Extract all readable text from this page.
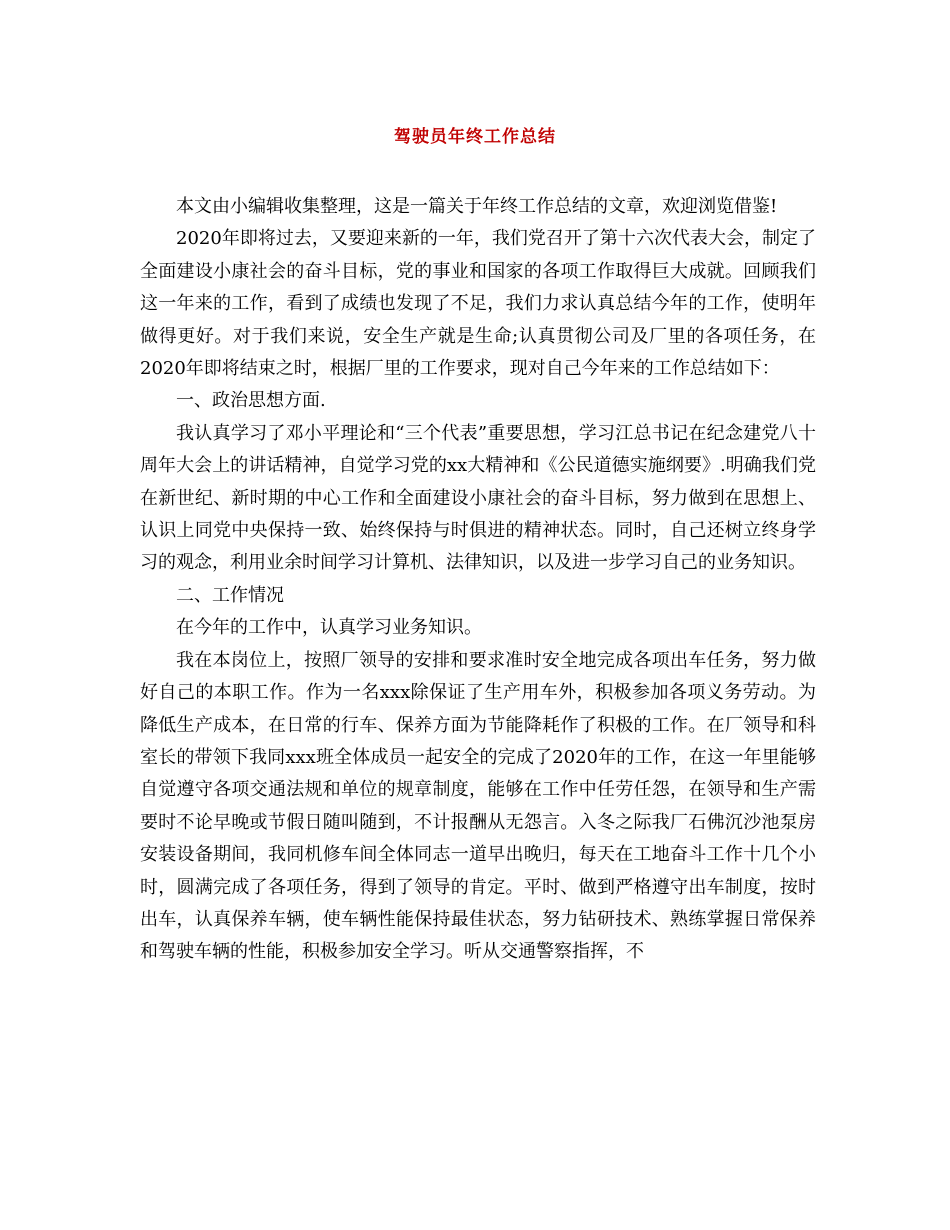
驾驶员年终工作总结

本文由小编辑收集整理，这是一篇关于年终工作总结的文章，欢迎浏览借鉴!

2020年即将过去，又要迎来新的一年，我们党召开了第十六次代表大会，制定了全面建设小康社会的奋斗目标，党的事业和国家的各项工作取得巨大成就。回顾我们这一年来的工作，看到了成绩也发现了不足，我们力求认真总结今年的工作，使明年做得更好。对于我们来说，安全生产就是生命;认真贯彻公司及厂里的各项任务，在2020年即将结束之时，根据厂里的工作要求，现对自己今年来的工作总结如下：

一、政治思想方面.

我认真学习了邓小平理论和“三个代表”重要思想，学习江总书记在纪念建党八十周年大会上的讲话精神，自觉学习党的xx大精神和《公民道德实施纲要》.明确我们党在新世纪、新时期的中心工作和全面建设小康社会的奋斗目标，努力做到在思想上、认识上同党中央保持一致、始终保持与时俱进的精神状态。同时，自己还树立终身学习的观念，利用业余时间学习计算机、法律知识，以及进一步学习自己的业务知识。

二、工作情况

在今年的工作中，认真学习业务知识。

我在本岗位上，按照厂领导的安排和要求准时安全地完成各项出车任务，努力做好自己的本职工作。作为一名xxx除保证了生产用车外，积极参加各项义务劳动。为降低生产成本，在日常的行车、保养方面为节能降耗作了积极的工作。在厂领导和科室长的带领下我同xxx班全体成员一起安全的完成了2020年的工作，在这一年里能够自觉遵守各项交通法规和单位的规章制度，能够在工作中任劳任怨，在领导和生产需要时不论早晚或节假日随叫随到，不计报酬从无怨言。入冬之际我厂石佛沉沙池泵房安装设备期间，我同机修车间全体同志一道早出晚归，每天在工地奋斗工作十几个小时，圆满完成了各项任务，得到了领导的肯定。平时、做到严格遵守出车制度，按时出车，认真保养车辆，使车辆性能保持最佳状态，努力钻研技术、熟练掌握日常保养和驾驶车辆的性能，积极参加安全学习。听从交通警察指挥，不
